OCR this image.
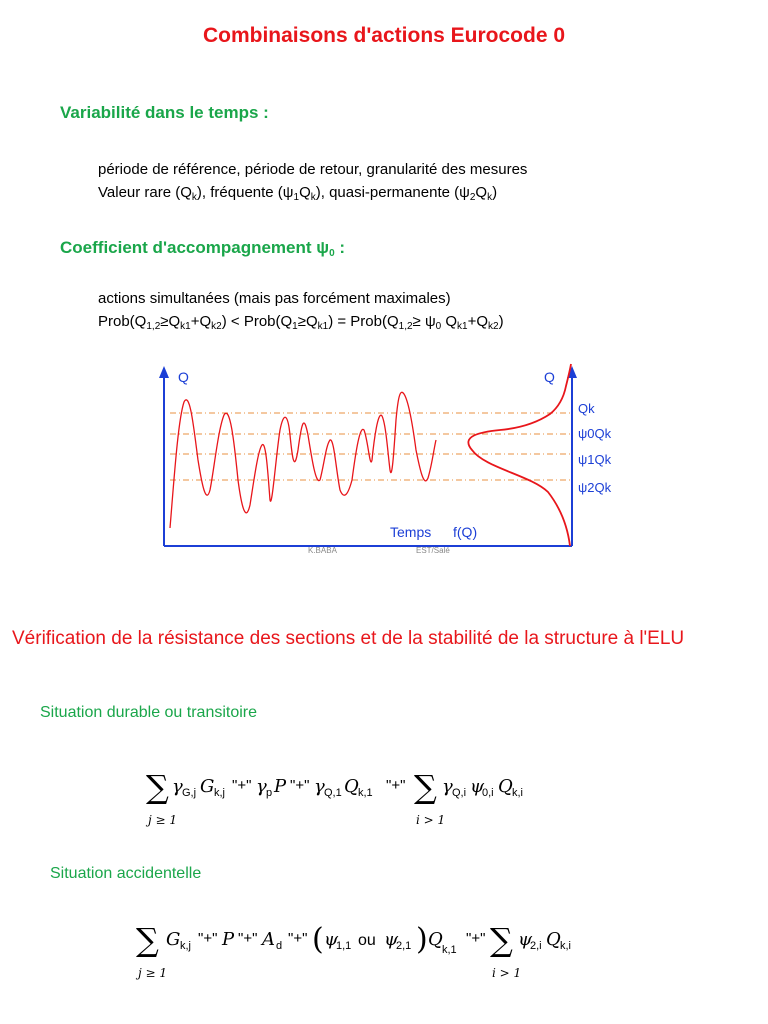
Combinaisons d'actions Eurocode 0
Variabilité dans le temps :
période de référence, période de retour, granularité des mesures
Valeur rare $(Q_k)$, fréquente $(\psi_1Q_k)$, quasi-permanente $(\psi_2Q_k)$
Coefficient d'accompagnement $\psi_0$ :
actions simultanées (mais pas forcément maximales)
$Prob(Q_{1,2}\ge Q_{k1}+Q_{k2})$ < $Prob(Q_1\ge Q_{k1})$ = $Prob(Q_{1,2}\ge \psi_0$ $Q_{k1}+Q_{k2}$)
Q	Q
Temps f(Q)
Qk
ψ0Qk
ψ1Qk
ψ2Qk
K.BABA	EST/Salé
Vérification de la résistance des sections et de la stabilité de la structure à l'ELU
Situation durable ou transitoire
∑
j ≥ 1
γ G,j G k,j "+" γ p P "+" γ Q,1 Q k,1 "+" ∑
i > 1
γ Q,i ψ
0,i Q k,i
Situation accidentelle
∑
j ≥ 1
G k,j "+" P "+" A d "+" ( ψ
1,1 ou ψ
2,1 ) Q k,1
"+" ∑
i > 1
ψ
2,i Q k,i
